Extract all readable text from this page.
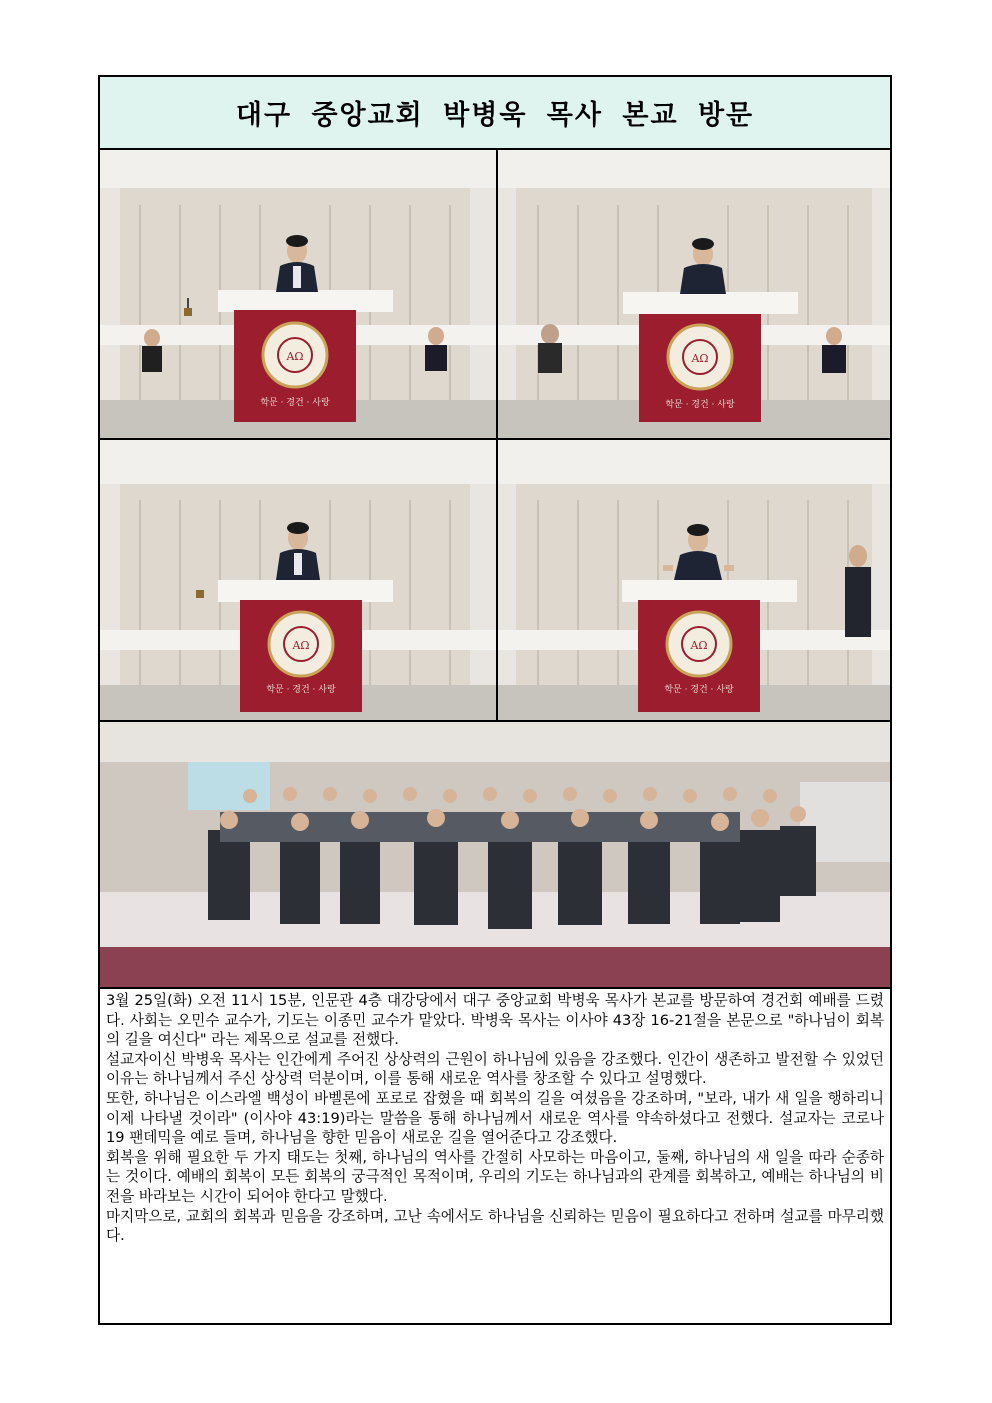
대구 중앙교회 박병욱 목사 본교 방문
AΩ
학문 · 경건 · 사랑
AΩ
학문 · 경건 · 사랑
AΩ
학문 · 경건 · 사랑
AΩ
학문 · 경건 · 사랑

3월 25일(화) 오전 11시 15분, 인문관 4층 대강당에서 대구 중앙교회 박병욱 목사가 본교를 방문하여 경건회 예배를 드렸다. 사회는 오민수 교수가, 기도는 이종민 교수가 맡았다. 박병욱 목사는 이사야 43장 16-21절을 본문으로 "하나님이 회복의 길을 여신다" 라는 제목으로 설교를 전했다.

설교자이신 박병욱 목사는 인간에게 주어진 상상력의 근원이 하나님에 있음을 강조했다. 인간이 생존하고 발전할 수 있었던 이유는 하나님께서 주신 상상력 덕분이며, 이를 통해 새로운 역사를 창조할 수 있다고 설명했다.

또한, 하나님은 이스라엘 백성이 바벨론에 포로로 잡혔을 때 회복의 길을 여셨음을 강조하며, "보라, 내가 새 일을 행하리니 이제 나타낼 것이라" (이사야 43:19)라는 말씀을 통해 하나님께서 새로운 역사를 약속하셨다고 전했다. 설교자는 코로나19 팬데믹을 예로 들며, 하나님을 향한 믿음이 새로운 길을 열어준다고 강조했다.

회복을 위해 필요한 두 가지 태도는 첫째, 하나님의 역사를 간절히 사모하는 마음이고, 둘째, 하나님의 새 일을 따라 순종하는 것이다. 예배의 회복이 모든 회복의 궁극적인 목적이며, 우리의 기도는 하나님과의 관계를 회복하고, 예배는 하나님의 비전을 바라보는 시간이 되어야 한다고 말했다.

마지막으로, 교회의 회복과 믿음을 강조하며, 고난 속에서도 하나님을 신뢰하는 믿음이 필요하다고 전하며 설교를 마무리했다.
